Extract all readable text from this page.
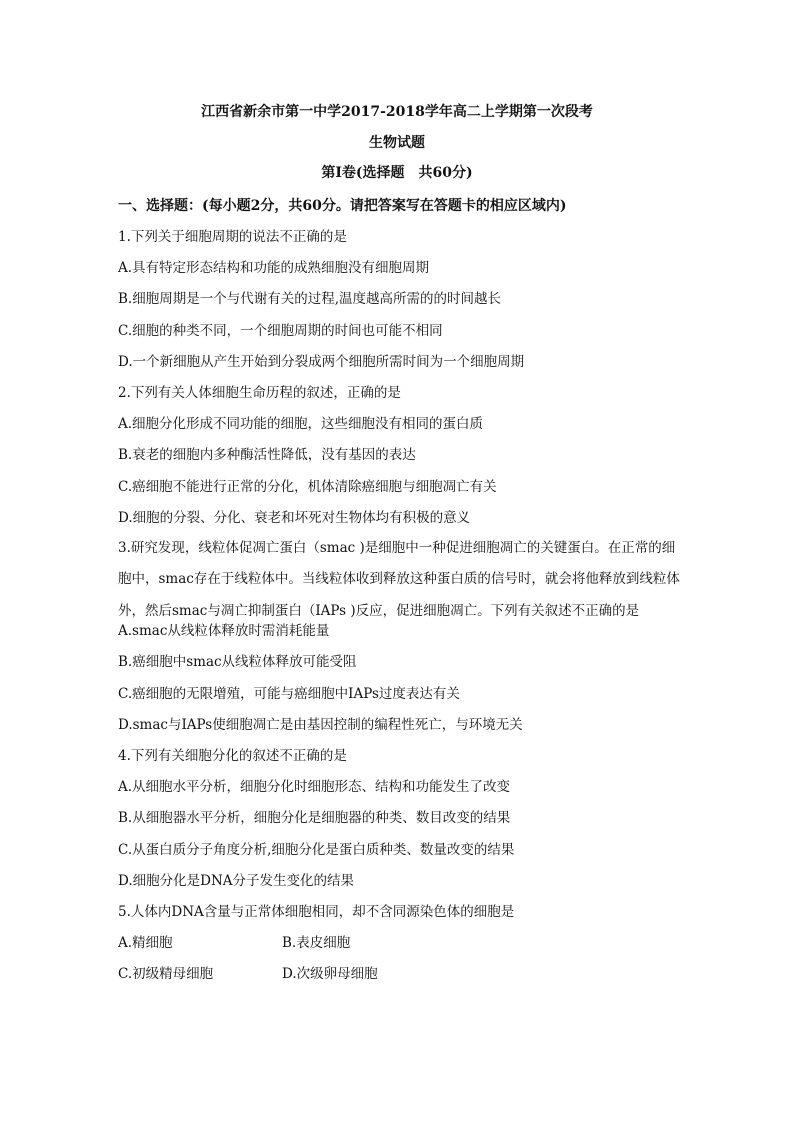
江西省新余市第一中学2017-2018学年高二上学期第一次段考
生物试题
第I卷(选择题　共60分)
一、选择题：(每小题2分，共60分。请把答案写在答题卡的相应区域内)
1.下列关于细胞周期的说法不正确的是
A.具有特定形态结构和功能的成熟细胞没有细胞周期
B.细胞周期是一个与代谢有关的过程,温度越高所需的的时间越长
C.细胞的种类不同，一个细胞周期的时间也可能不相同
D.一个新细胞从产生开始到分裂成两个细胞所需时间为一个细胞周期
2.下列有关人体细胞生命历程的叙述，正确的是
A.细胞分化形成不同功能的细胞，这些细胞没有相同的蛋白质
B.衰老的细胞内多种酶活性降低，没有基因的表达
C.癌细胞不能进行正常的分化，机体清除癌细胞与细胞凋亡有关
D.细胞的分裂、分化、衰老和坏死对生物体均有积极的意义
3.研究发现，线粒体促凋亡蛋白（smac )是细胞中一种促进细胞凋亡的关键蛋白。在正常的细胞中，smac存在于线粒体中。当线粒体收到释放这种蛋白质的信号时，就会将他释放到线粒体外，然后smac与凋亡抑制蛋白（IAPs )反应，促进细胞凋亡。下列有关叙述不正确的是
A.smac从线粒体释放时需消耗能量
B.癌细胞中smac从线粒体释放可能受阻
C.癌细胞的无限增殖，可能与癌细胞中IAPs过度表达有关
D.smac与IAPs使细胞凋亡是由基因控制的编程性死亡，与环境无关
4.下列有关细胞分化的叙述不正确的是
A.从细胞水平分析，细胞分化时细胞形态、结构和功能发生了改变
B.从细胞器水平分析，细胞分化是细胞器的种类、数目改变的结果
C.从蛋白质分子角度分析,细胞分化是蛋白质种类、数量改变的结果
D.细胞分化是DNA分子发生变化的结果
5.人体内DNA含量与正常体细胞相同，却不含同源染色体的细胞是
A.精细胞	B.表皮细胞
C.初级精母细胞	D.次级卵母细胞
